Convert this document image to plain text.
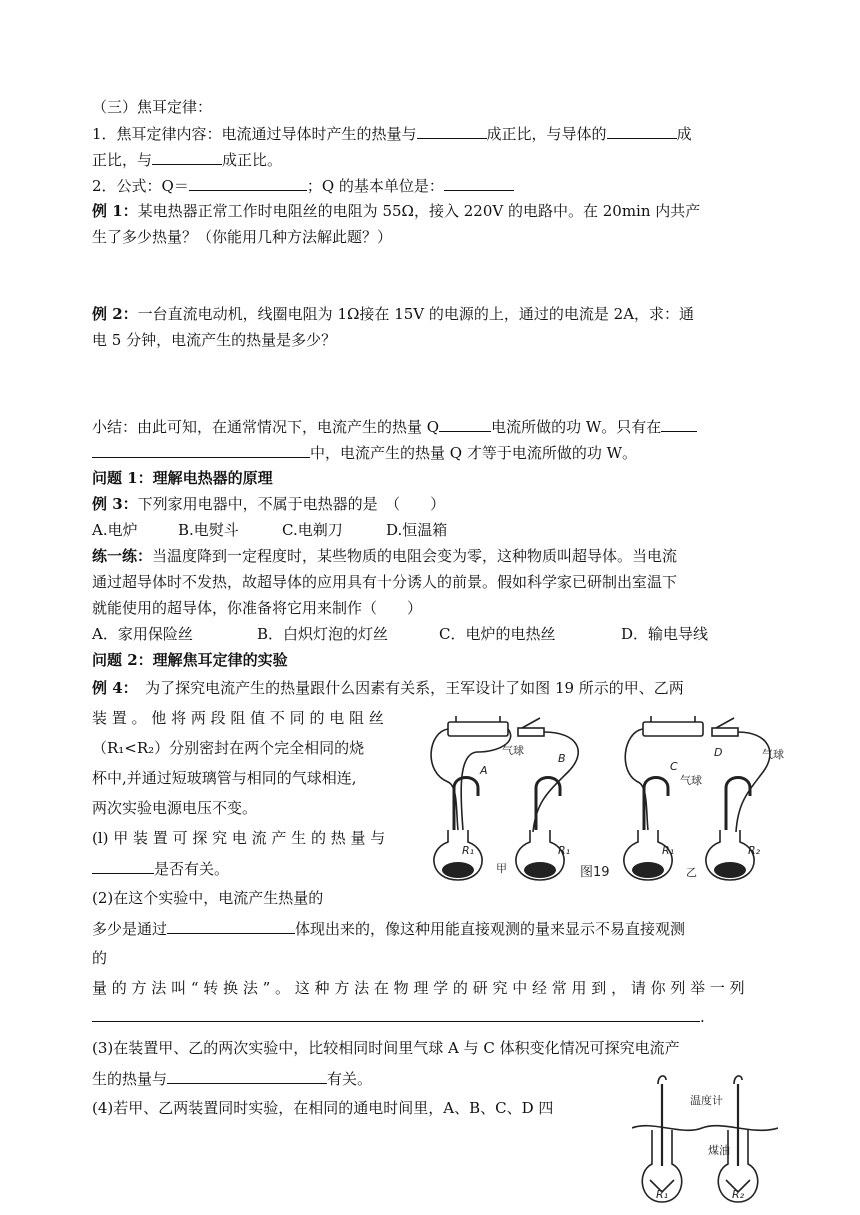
（三）焦耳定律：
1．焦耳定律内容：电流通过导体时产生的热量与	成正比，与导体的	成
正比，与	成正比。
2．公式：Q＝	；Q 的基本单位是：
例 1：某电热器正常工作时电阻丝的电阻为 55Ω，接入 220V 的电路中。在 20min 内共产
生了多少热量？（你能用几种方法解此题？）
例 2：一台直流电动机，线圈电阻为 1Ω接在 15V 的电源的上，通过的电流是 2A，求：通
电 5 分钟，电流产生的热量是多少？
小结：由此可知，在通常情况下，电流产生的热量 Q	电流所做的功 W。只有在
中，电流产生的热量 Q 才等于电流所做的功 W。
问题 1：理解电热器的原理
例 3：下列家用电器中，不属于电热器的是　（　　）
A.电炉	B.电熨斗	C.电剃刀	D.恒温箱
练一练：当温度降到一定程度时，某些物质的电阻会变为零，这种物质叫超导体。当电流
通过超导体时不发热，故超导体的应用具有十分诱人的前景。假如科学家已研制出室温下
就能使用的超导体，你准备将它用来制作（　　）
A．家用保险丝	B．白炽灯泡的灯丝	C．电炉的电热丝	D．输电导线
问题 2：理解焦耳定律的实验
例 4：　为了探究电流产生的热量跟什么因素有关系，王军设计了如图 19 所示的甲、乙两
装 置 。 他 将 两 段 阻 值 不 同 的 电 阻 丝
（R₁<R₂）分别密封在两个完全相同的烧
杯中,并通过短玻璃管与相同的气球相连,
两次实验电源电压不变。
(l) 甲 装 置 可 探 究 电 流 产 生 的 热 量 与
是否有关。
(2)在这个实验中，电流产生热量的
多少是通过	体现出来的，像这种用能直接观测的量来显示不易直接观测
的
量 的 方 法 叫 “ 转 换 法 ” 。 这 种 方 法 在 物 理 学 的 研 究 中 经 常 用 到 ， 请 你 列 举 一 列
.
(3)在装置甲、乙的两次实验中，比较相同时间里气球 A 与 C 体积变化情况可探究电流产
生的热量与	有关。
(4)若甲、乙两装置同时实验，在相同的通电时间里，A、B、C、D 四
气球
A
B
R₁	R₁
甲	图19
C
气球
D	气球
R₁	R₂
乙
温度计
煤油
R₁	R₂
